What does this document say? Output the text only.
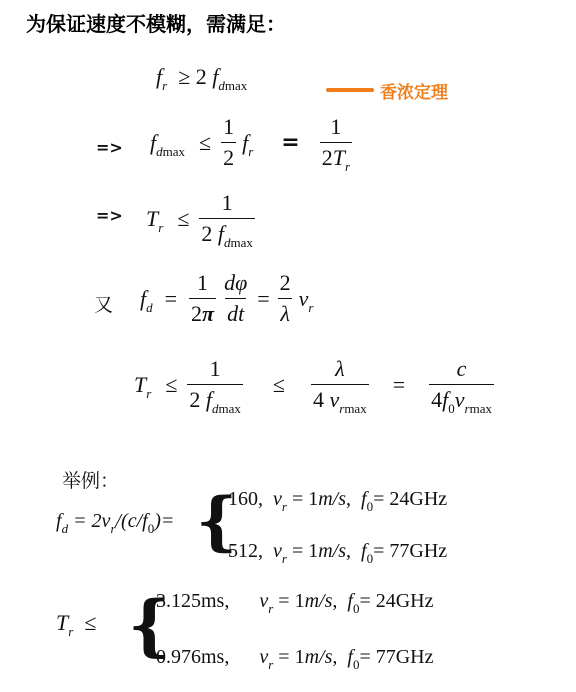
为保证速度不模糊，需满足：
$f_r \ge 2$ $f_{dmax}$	香浓定理
=> $f_{dmax} \le \frac{1}{2} f_r = \frac{1}{2T_r}$
=> $T_r \le \frac{1}{2 f_{dmax}}$
又 $f_d = \frac{1}{2\pi} \frac{d\varphi}{dt} = \frac{2}{\lambda} v_r$
$T_r \le \frac{1}{2 f_{dmax}} \le \frac{\lambda}{4 v_{rmax}} = \frac{c}{4f_0v_{rmax}}$
举例：
$f_d = 2v_r/(c/f_0)=$ {
160, $v_r = 1m/s$,  $f_0= 24GHz$
512, $v_r = 1m/s$,  $f_0= 77GHz$
$T_r$  ≤ {
3.125ms, $v_r = 1m/s$,  $f_0= 24GHz$
0.976ms, $v_r = 1m/s$,  $f_0= 77GHz$
